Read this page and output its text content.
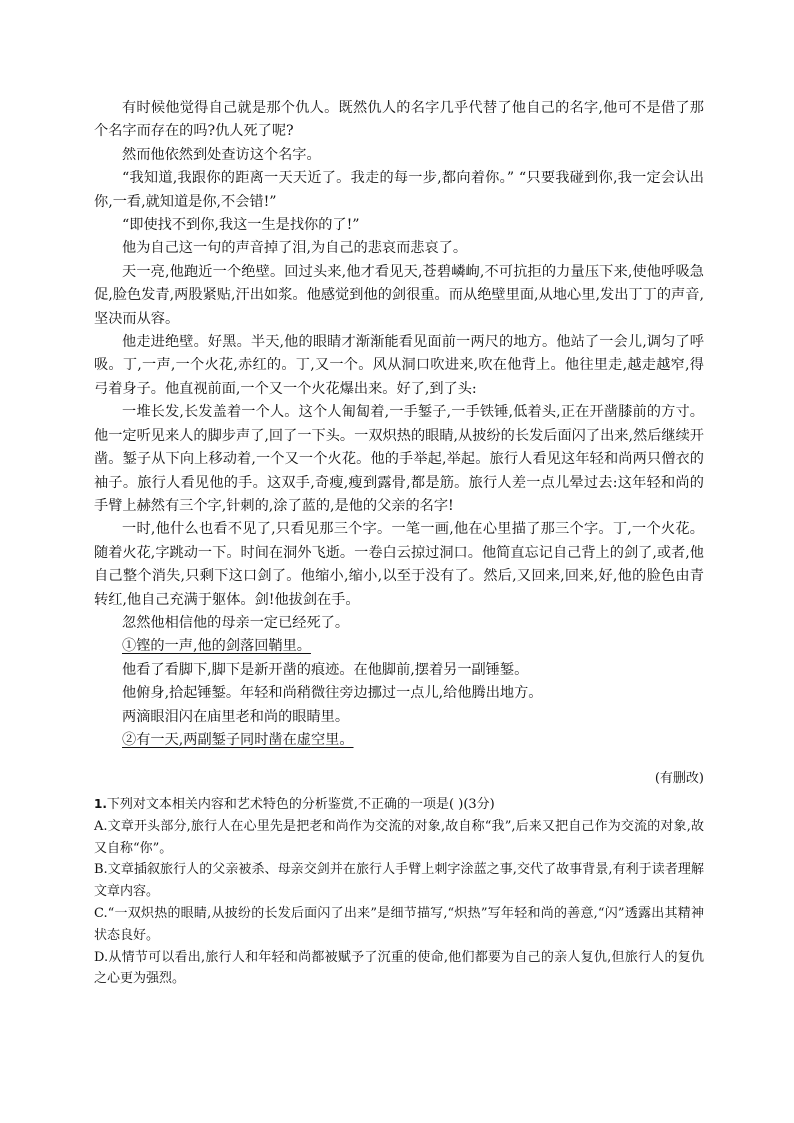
有时候他觉得自己就是那个仇人。既然仇人的名字几乎代替了他自己的名字,他可不是借了那个名字而存在的吗?仇人死了呢?

然而他依然到处查访这个名字。

“我知道,我跟你的距离一天天近了。我走的每一步,都向着你。” “只要我碰到你,我一定会认出你,一看,就知道是你,不会错!”

“即使找不到你,我这一生是找你的了!”

他为自己这一句的声音掉了泪,为自己的悲哀而悲哀了。

天一亮,他跑近一个绝壁。回过头来,他才看见天,苍碧嶙峋,不可抗拒的力量压下来,使他呼吸急促,脸色发青,两股紧贴,汗出如浆。他感觉到他的剑很重。而从绝壁里面,从地心里,发出丁丁的声音,坚决而从容。

他走进绝壁。好黑。半天,他的眼睛才渐渐能看见面前一两尺的地方。他站了一会儿,调匀了呼吸。丁,一声,一个火花,赤红的。丁,又一个。风从洞口吹进来,吹在他背上。他往里走,越走越窄,得弓着身子。他直视前面,一个又一个火花爆出来。好了,到了头:

一堆长发,长发盖着一个人。这个人匍匐着,一手錾子,一手铁锤,低着头,正在开凿膝前的方寸。他一定听见来人的脚步声了,回了一下头。一双炽热的眼睛,从披纷的长发后面闪了出来,然后继续开凿。錾子从下向上移动着,一个又一个火花。他的手举起,举起。旅行人看见这年轻和尚两只僧衣的袖子。旅行人看见他的手。这双手,奇瘦,瘦到露骨,都是筋。旅行人差一点儿晕过去:这年轻和尚的手臂上赫然有三个字,针刺的,涂了蓝的,是他的父亲的名字!

一时,他什么也看不见了,只看见那三个字。一笔一画,他在心里描了那三个字。丁,一个火花。随着火花,字跳动一下。时间在洞外飞逝。一卷白云掠过洞口。他简直忘记自己背上的剑了,或者,他自己整个消失,只剩下这口剑了。他缩小,缩小,以至于没有了。然后,又回来,回来,好,他的脸色由青转红,他自己充满于躯体。剑!他拔剑在手。

忽然他相信他的母亲一定已经死了。

①铿的一声,他的剑落回鞘里。

他看了看脚下,脚下是新开凿的痕迹。在他脚前,摆着另一副锤錾。

他俯身,拾起锤錾。年轻和尚稍微往旁边挪过一点儿,给他腾出地方。

两滴眼泪闪在庙里老和尚的眼睛里。

②有一天,两副錾子同时凿在虚空里。

(有删改)

1.下列对文本相关内容和艺术特色的分析鉴赏,不正确的一项是( )(3分)

A.文章开头部分,旅行人在心里先是把老和尚作为交流的对象,故自称“我”,后来又把自己作为交流的对象,故又自称“你”。

B.文章插叙旅行人的父亲被杀、母亲交剑并在旅行人手臂上刺字涂蓝之事,交代了故事背景,有利于读者理解文章内容。

C.“一双炽热的眼睛,从披纷的长发后面闪了出来”是细节描写,“炽热”写年轻和尚的善意,“闪”透露出其精神状态良好。

D.从情节可以看出,旅行人和年轻和尚都被赋予了沉重的使命,他们都要为自己的亲人复仇,但旅行人的复仇之心更为强烈。
